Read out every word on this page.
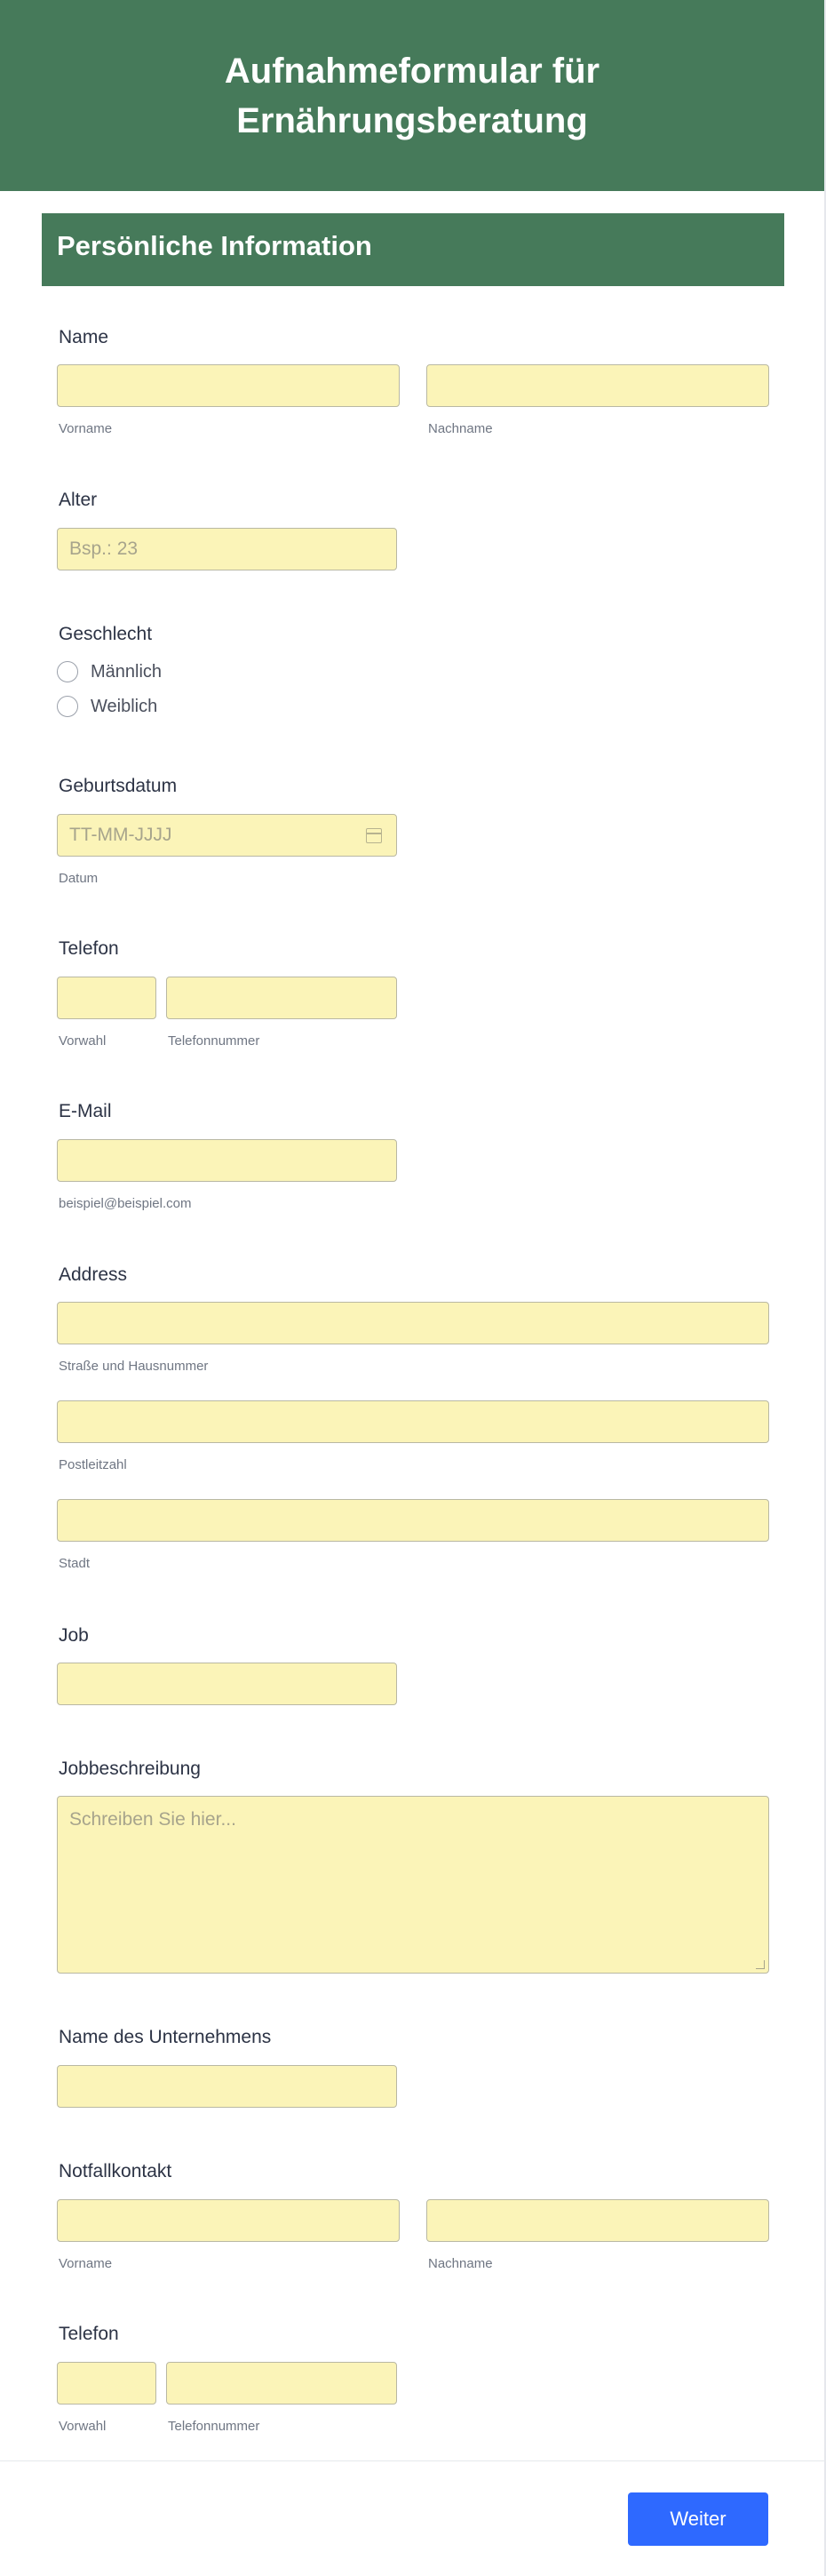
Aufnahmeformular für Ernährungsberatung
Persönliche Information
Name
Vorname	Nachname
Alter
Bsp.: 23
Geschlecht
Männlich
Weiblich
Geburtsdatum
TT-MM-JJJJ
Datum
Telefon
Vorwahl	Telefonnummer
E-Mail
beispiel@beispiel.com
Address
Straße und Hausnummer
Postleitzahl
Stadt
Job
Jobbeschreibung
Schreiben Sie hier...
Name des Unternehmens
Notfallkontakt
Vorname	Nachname
Telefon
Vorwahl	Telefonnummer
Weiter
